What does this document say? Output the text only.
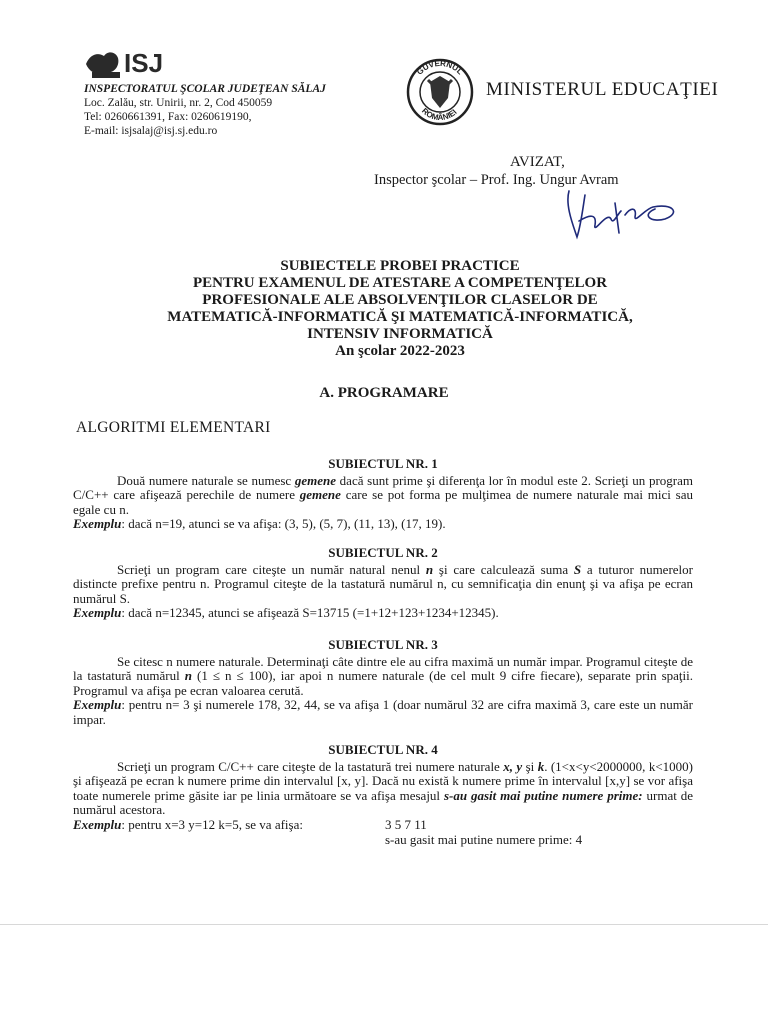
ISJ
INSPECTORATUL ŞCOLAR JUDEŢEAN SĂLAJ
Loc. Zalău, str. Unirii, nr. 2, Cod 450059
Tel: 0260661391, Fax: 0260619190,
E-mail: isjsalaj@isj.sj.edu.ro
GUVERNUL
ROMÂNIEI
MINISTERUL EDUCAŢIEI
AVIZAT,
Inspector şcolar – Prof. Ing. Ungur Avram
SUBIECTELE PROBEI PRACTICE
PENTRU EXAMENUL DE ATESTARE A COMPETENŢELOR
PROFESIONALE ALE ABSOLVENŢILOR CLASELOR DE
MATEMATICĂ-INFORMATICĂ ŞI MATEMATICĂ-INFORMATICĂ,
INTENSIV INFORMATICĂ
An şcolar 2022-2023
A. PROGRAMARE
ALGORITMI ELEMENTARI
SUBIECTUL NR. 1

Două numere naturale se numesc gemene dacă sunt prime şi diferenţa lor în modul este 2. Scrieţi un program C/C++ care afişează perechile de numere gemene care se pot forma pe mulţimea de numere naturale mai mici sau egale cu n.

Exemplu: dacă n=19, atunci se va afişa: (3, 5), (5, 7), (11, 13), (17, 19).

SUBIECTUL NR. 2

Scrieţi un program care citeşte un număr natural nenul n şi care calculează suma S a tuturor numerelor distincte prefixe pentru n. Programul citeşte de la tastatură numărul n, cu semnificaţia din enunţ şi va afişa pe ecran numărul S.

Exemplu: dacă n=12345, atunci se afişează S=13715 (=1+12+123+1234+12345).

SUBIECTUL NR. 3

Se citesc n numere naturale. Determinaţi câte dintre ele au cifra maximă un număr impar. Programul citeşte de la tastatură numărul n (1 ≤ n ≤ 100), iar apoi n numere naturale (de cel mult 9 cifre fiecare), separate prin spaţii. Programul va afişa pe ecran valoarea cerută.

Exemplu: pentru n= 3 şi numerele 178, 32, 44, se va afişa 1 (doar numărul 32 are cifra maximă 3, care este un număr impar.

SUBIECTUL NR. 4

Scrieţi un program C/C++ care citeşte de la tastatură trei numere naturale x, y şi k. (1<x<y<2000000, k<1000) şi afişează pe ecran k numere prime din intervalul [x, y]. Dacă nu există k numere prime în intervalul [x,y] se vor afişa toate numerele prime găsite iar pe linia următoare se va afişa mesajul s-au gasit mai putine numere prime: urmat de numărul acestora.

Exemplu: pentru x=3 y=12 k=5, se va afişa:	3 5 7 11
s-au gasit mai putine numere prime: 4
